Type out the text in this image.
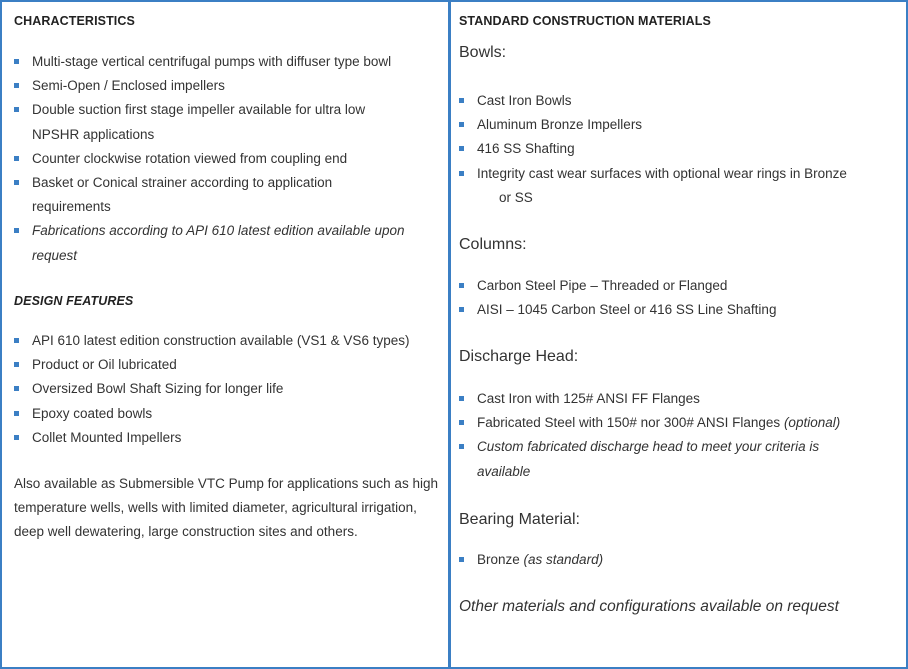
CHARACTERISTICS
Multi-stage vertical centrifugal pumps with diffuser type bowl
Semi-Open / Enclosed impellers
Double suction first stage impeller available for ultra low NPSHR applications
Counter clockwise rotation viewed from coupling end
Basket or Conical strainer according to application requirements
Fabrications according to API 610 latest edition available upon request
DESIGN FEATURES
API 610 latest edition construction available (VS1 & VS6 types)
Product or Oil lubricated
Oversized Bowl Shaft Sizing for longer life
Epoxy coated bowls
Collet Mounted Impellers
Also available as Submersible VTC Pump for applications such as high temperature wells, wells with limited diameter, agricultural irrigation, deep well dewatering, large construction sites and others.
STANDARD CONSTRUCTION MATERIALS
Bowls:
Cast Iron Bowls
Aluminum Bronze Impellers
416 SS Shafting
Integrity cast wear surfaces with optional wear rings in Bronze
or SS
Columns:
Carbon Steel Pipe – Threaded or Flanged
AISI – 1045 Carbon Steel or 416 SS Line Shafting
Discharge Head:
Cast Iron with 125# ANSI FF Flanges
Fabricated Steel with 150# nor 300# ANSI Flanges (optional)
Custom fabricated discharge head to meet your criteria is available
Bearing Material:
Bronze (as standard)
Other materials and configurations available on request
